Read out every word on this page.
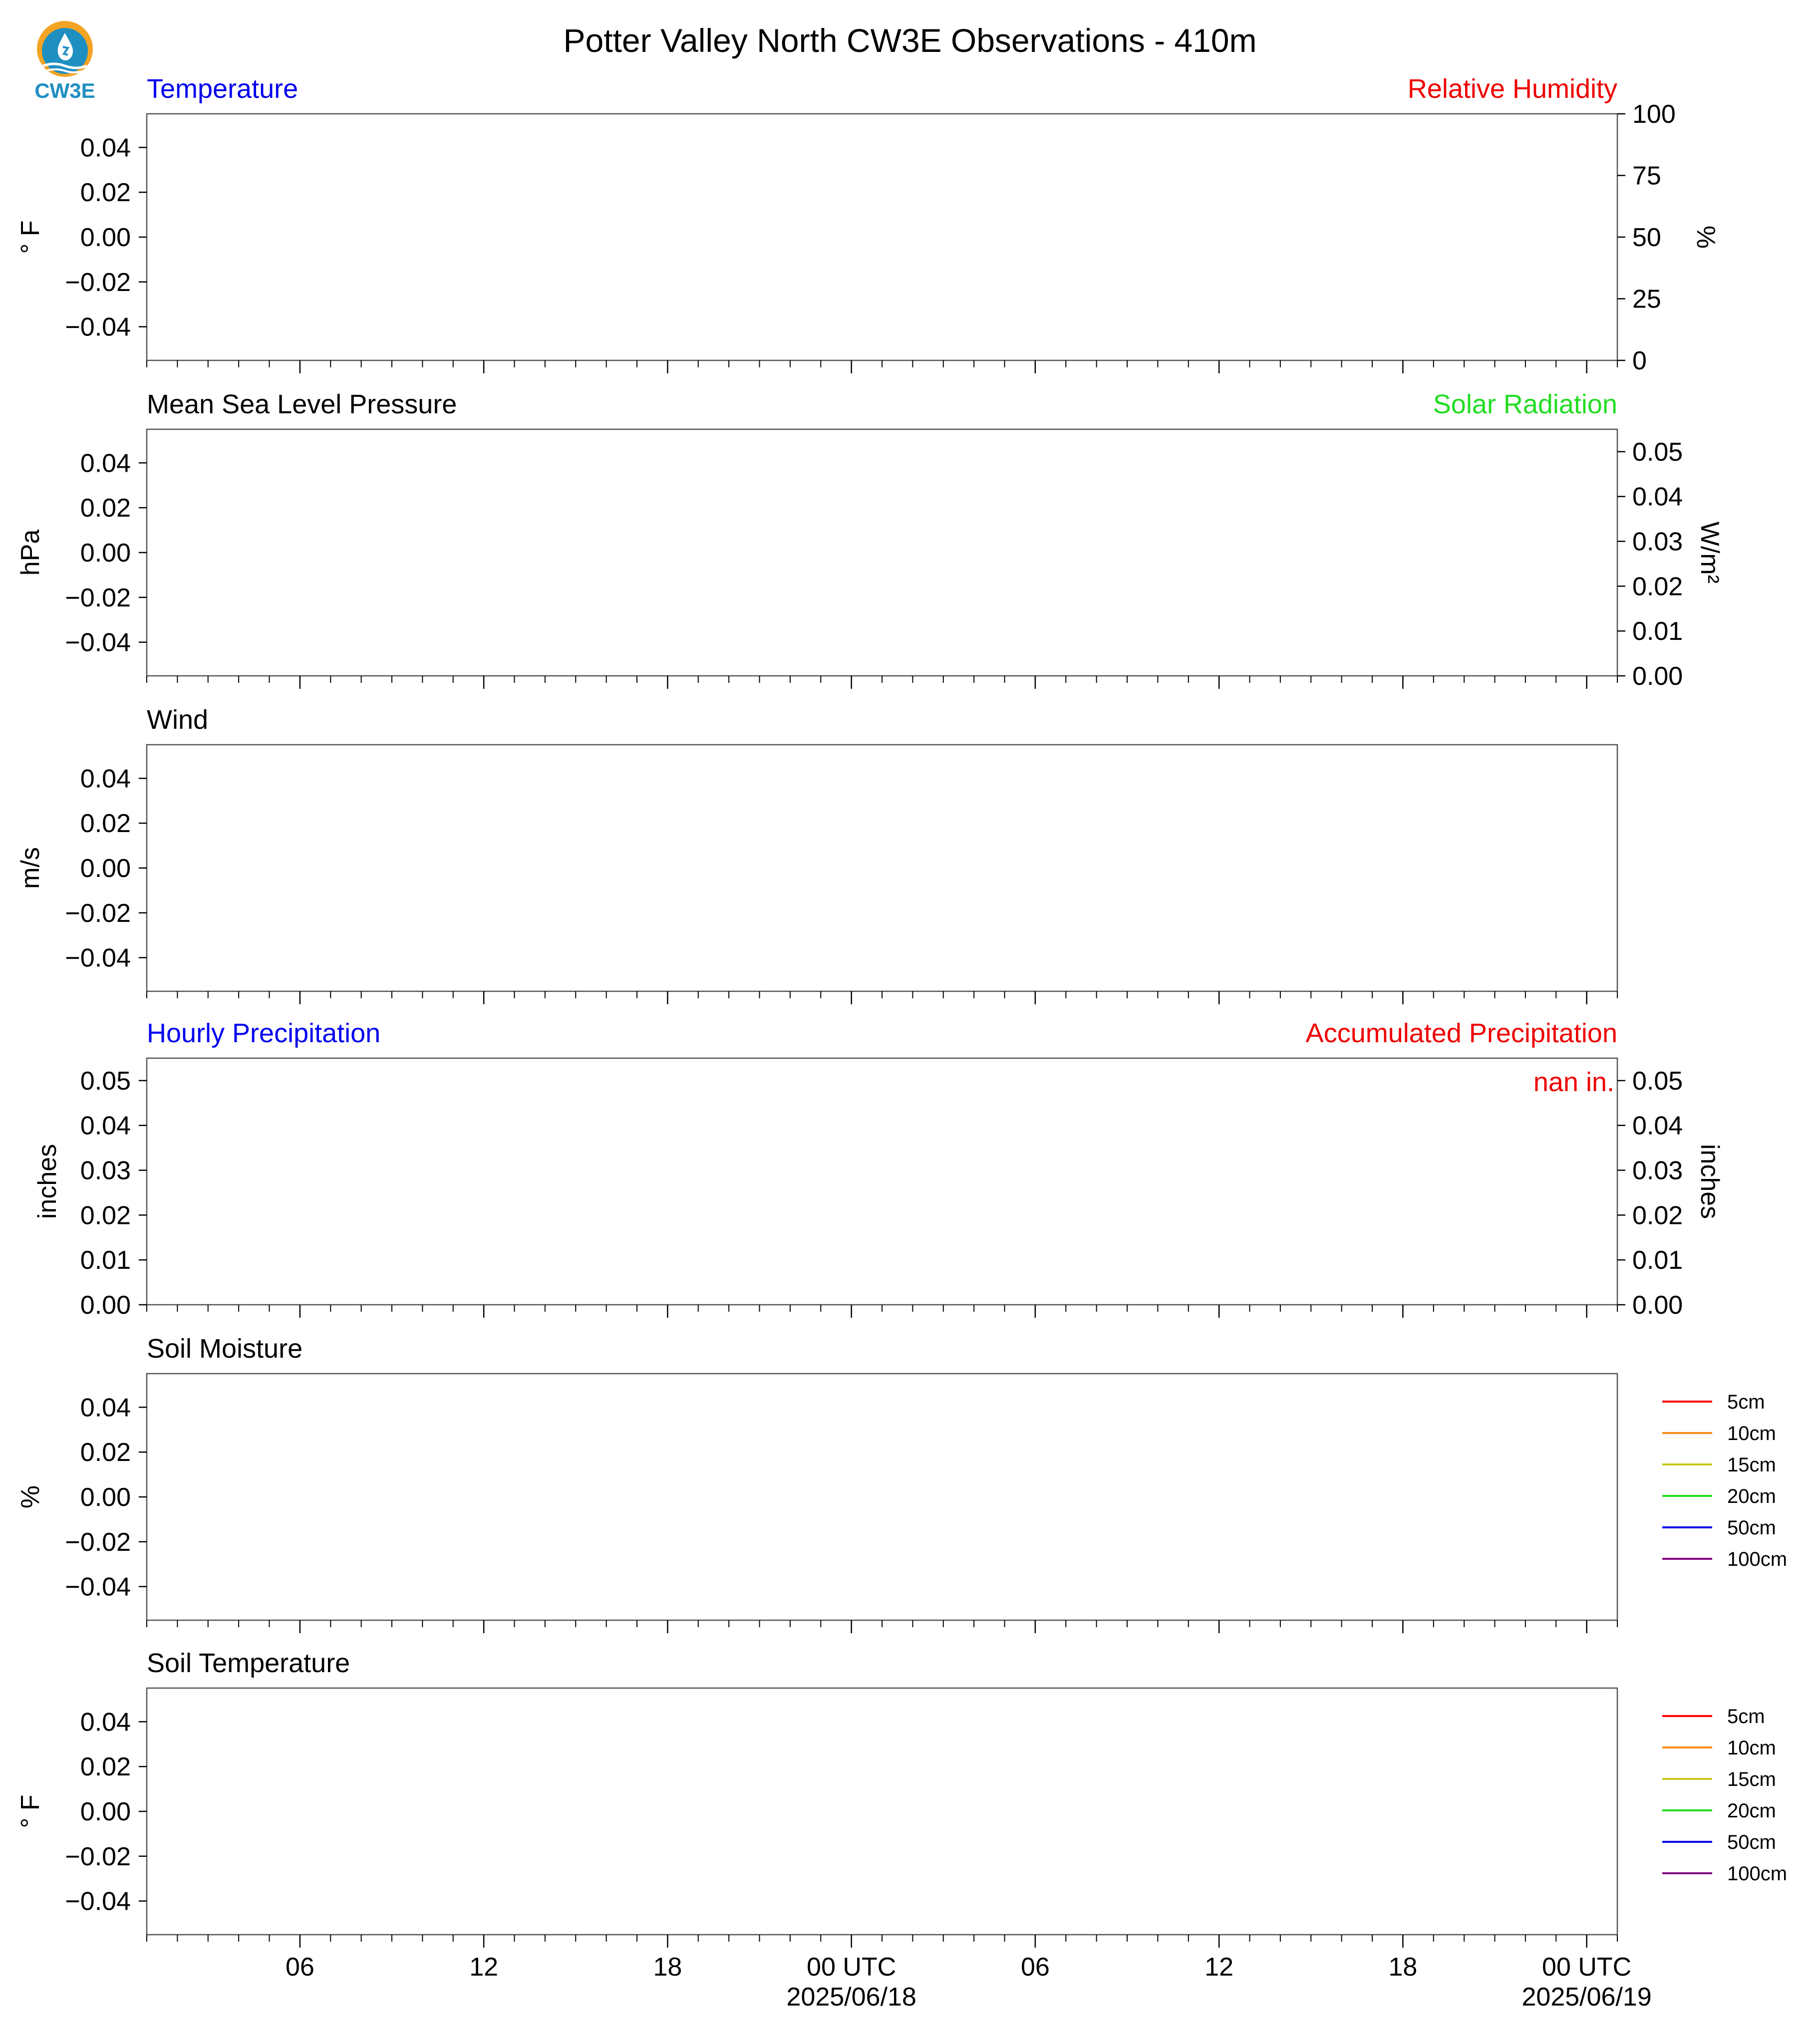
CW3E
Potter Valley North CW3E Observations - 410m
Temperature	Relative Humidity
0.04
0.02
0.00
−0.02
−0.04
° F
100
75
50
25
0
%
Mean Sea Level Pressure	Solar Radiation
0.04
0.02
0.00
−0.02
−0.04
hPa
0.05
0.04
0.03
0.02
0.01
0.00
W/m²
Wind
0.04
0.02
0.00
−0.02
−0.04
m/s
Hourly Precipitation	Accumulated Precipitation
0.05
0.04
0.03
0.02
0.01
0.00
inches
0.05
0.04
0.03
0.02
0.01
0.00
inches
nan in.
Soil Moisture
0.04
0.02
0.00
−0.02
−0.04
%
5cm
10cm
15cm
20cm
50cm
100cm
Soil Temperature
0.04
0.02
0.00
−0.02
−0.04
° F
06	12	18	00 UTC
2025/06/18
06	12	18	00 UTC
2025/06/19
5cm
10cm
15cm
20cm
50cm
100cm
